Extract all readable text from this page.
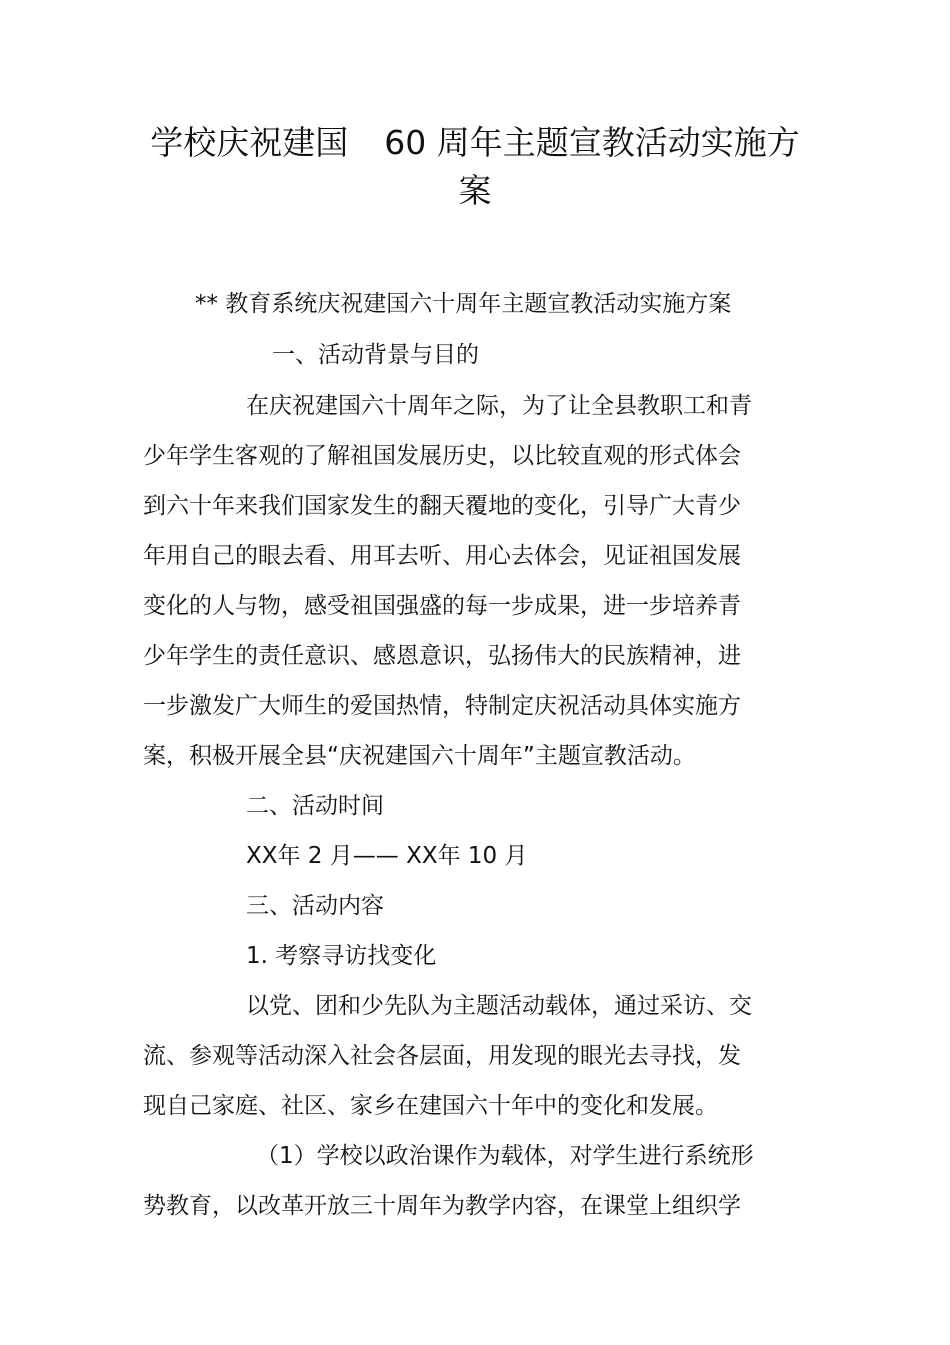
学校庆祝建国 60 周年主题宣教活动实施方
案
** 教育系统庆祝建国六十周年主题宣教活动实施方案
一、活动背景与目的
在庆祝建国六十周年之际，为了让全县教职工和青
少年学生客观的了解祖国发展历史，以比较直观的形式体会
到六十年来我们国家发生的翻天覆地的变化，引导广大青少
年用自己的眼去看、用耳去听、用心去体会，见证祖国发展
变化的人与物，感受祖国强盛的每一步成果，进一步培养青
少年学生的责任意识、感恩意识，弘扬伟大的民族精神，进
一步激发广大师生的爱国热情，特制定庆祝活动具体实施方
案，积极开展全县“庆祝建国六十周年”主题宣教活动。
二、活动时间
XX年 2 月—— XX年 10 月
三、活动内容
1. 考察寻访找变化
以党、团和少先队为主题活动载体，通过采访、交
流、参观等活动深入社会各层面，用发现的眼光去寻找，发
现自己家庭、社区、家乡在建国六十年中的变化和发展。
（1）学校以政治课作为载体，对学生进行系统形
势教育，以改革开放三十周年为教学内容，在课堂上组织学
